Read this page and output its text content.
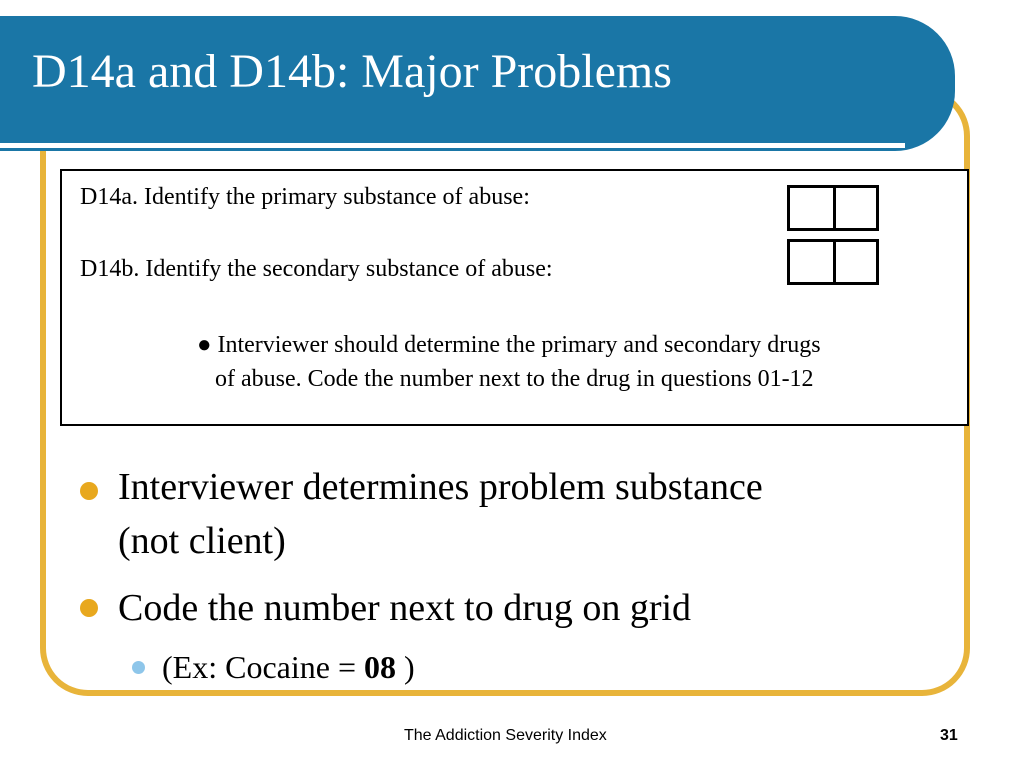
D14a and D14b: Major Problems
D14a. Identify the primary substance of abuse:
D14b. Identify the secondary substance of abuse:
● Interviewer should determine the primary and secondary drugs
of abuse. Code the number next to the drug in questions 01-12
Interviewer determines problem substance
(not client)
Code the number next to drug on grid
(Ex: Cocaine = 08 )
The Addiction Severity Index	31
